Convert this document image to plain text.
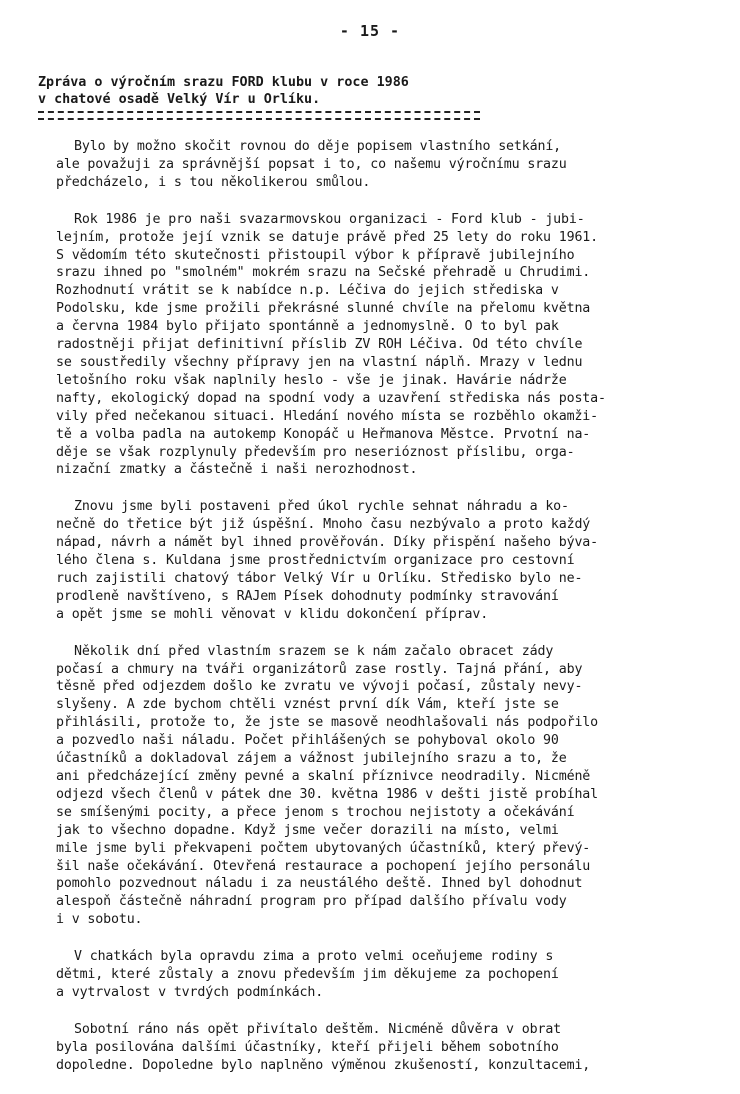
- 15 -
Zpráva o výročním srazu FORD klubu v roce 1986
v chatové osadě Velký Vír u Orlíku.
Bylo by možno skočit rovnou do děje popisem vlastního setkání,
ale považuji za správnější popsat i to, co našemu výročnímu srazu
předcházelo, i s tou několikerou smůlou.
Rok 1986 je pro naši svazarmovskou organizaci - Ford klub - jubi-
lejním, protože její vznik se datuje právě před 25 lety do roku 1961.
S vědomím této skutečnosti přistoupil výbor k přípravě jubilejního
srazu ihned po "smolném" mokrém srazu na Sečské přehradě u Chrudimi.
Rozhodnutí vrátit se k nabídce n.p. Léčiva do jejich střediska v
Podolsku, kde jsme prožili překrásné slunné chvíle na přelomu května
a června 1984 bylo přijato spontánně a jednomyslně. O to byl pak
radostněji přijat definitivní příslib ZV ROH Léčiva. Od této chvíle
se soustředily všechny přípravy jen na vlastní náplň. Mrazy v lednu
letošního roku však naplnily heslo - vše je jinak. Havárie nádrže
nafty, ekologický dopad na spodní vody a uzavření střediska nás posta-
vily před nečekanou situaci. Hledání nového místa se rozběhlo okamži-
tě a volba padla na autokemp Konopáč u Heřmanova Městce. Prvotní na-
děje se však rozplynuly především pro neseriόznost příslibu, orga-
nizační zmatky a částečně i naši nerozhodnost.
Znovu jsme byli postaveni před úkol rychle sehnat náhradu a ko-
nečně do třetice být již úspěšní. Mnoho času nezbývalo a proto každý
nápad, návrh a námět byl ihned prověřován. Díky přispění našeho býva-
lého člena s. Kuldana jsme prostřednictvím organizace pro cestovní
ruch zajistili chatový tábor Velký Vír u Orlíku. Středisko bylo ne-
prodleně navštíveno, s RAJem Písek dohodnuty podmínky stravování
a opět jsme se mohli věnovat v klidu dokončení příprav.
Několik dní před vlastním srazem se k nám začalo obracet zády
počasí a chmury na tváři organizátorů zase rostly. Tajná přání, aby
těsně před odjezdem došlo ke zvratu ve vývoji počasí, zůstaly nevy-
slyšeny. A zde bychom chtěli vznést první dík Vám, kteří jste se
přihlásili, protože to, že jste se masově neodhlašovali nás podpořilo
a pozvedlo naši náladu. Počet přihlášených se pohyboval okolo 90
účastníků a dokladoval zájem a vážnost jubilejního srazu a to, že
ani předcházející změny pevné a skalní příznivce neodradily. Nicméně
odjezd všech členů v pátek dne 30. května 1986 v dešti jistě probíhal
se smíšenými pocity, a přece jenom s trochou nejistoty a očekávání
jak to všechno dopadne. Když jsme večer dorazili na místo, velmi
mile jsme byli překvapeni počtem ubytovaných účastníků, který převý-
šil naše očekávání. Otevřená restaurace a pochopení jejího personálu
pomohlo pozvednout náladu i za neustálého deště. Ihned byl dohodnut
alespoň částečně náhradní program pro případ dalšího přívalu vody
i v sobotu.
V chatkách byla opravdu zima a proto velmi oceňujeme rodiny s
dětmi, které zůstaly a znovu především jim děkujeme za pochopení
a vytrvalost v tvrdých podmínkách.
Sobotní ráno nás opět přivítalo deštěm. Nicméně důvěra v obrat
byla posilována dalšími účastníky, kteří přijeli během sobotního
dopoledne. Dopoledne bylo naplněno výměnou zkušeností, konzultacemi,
